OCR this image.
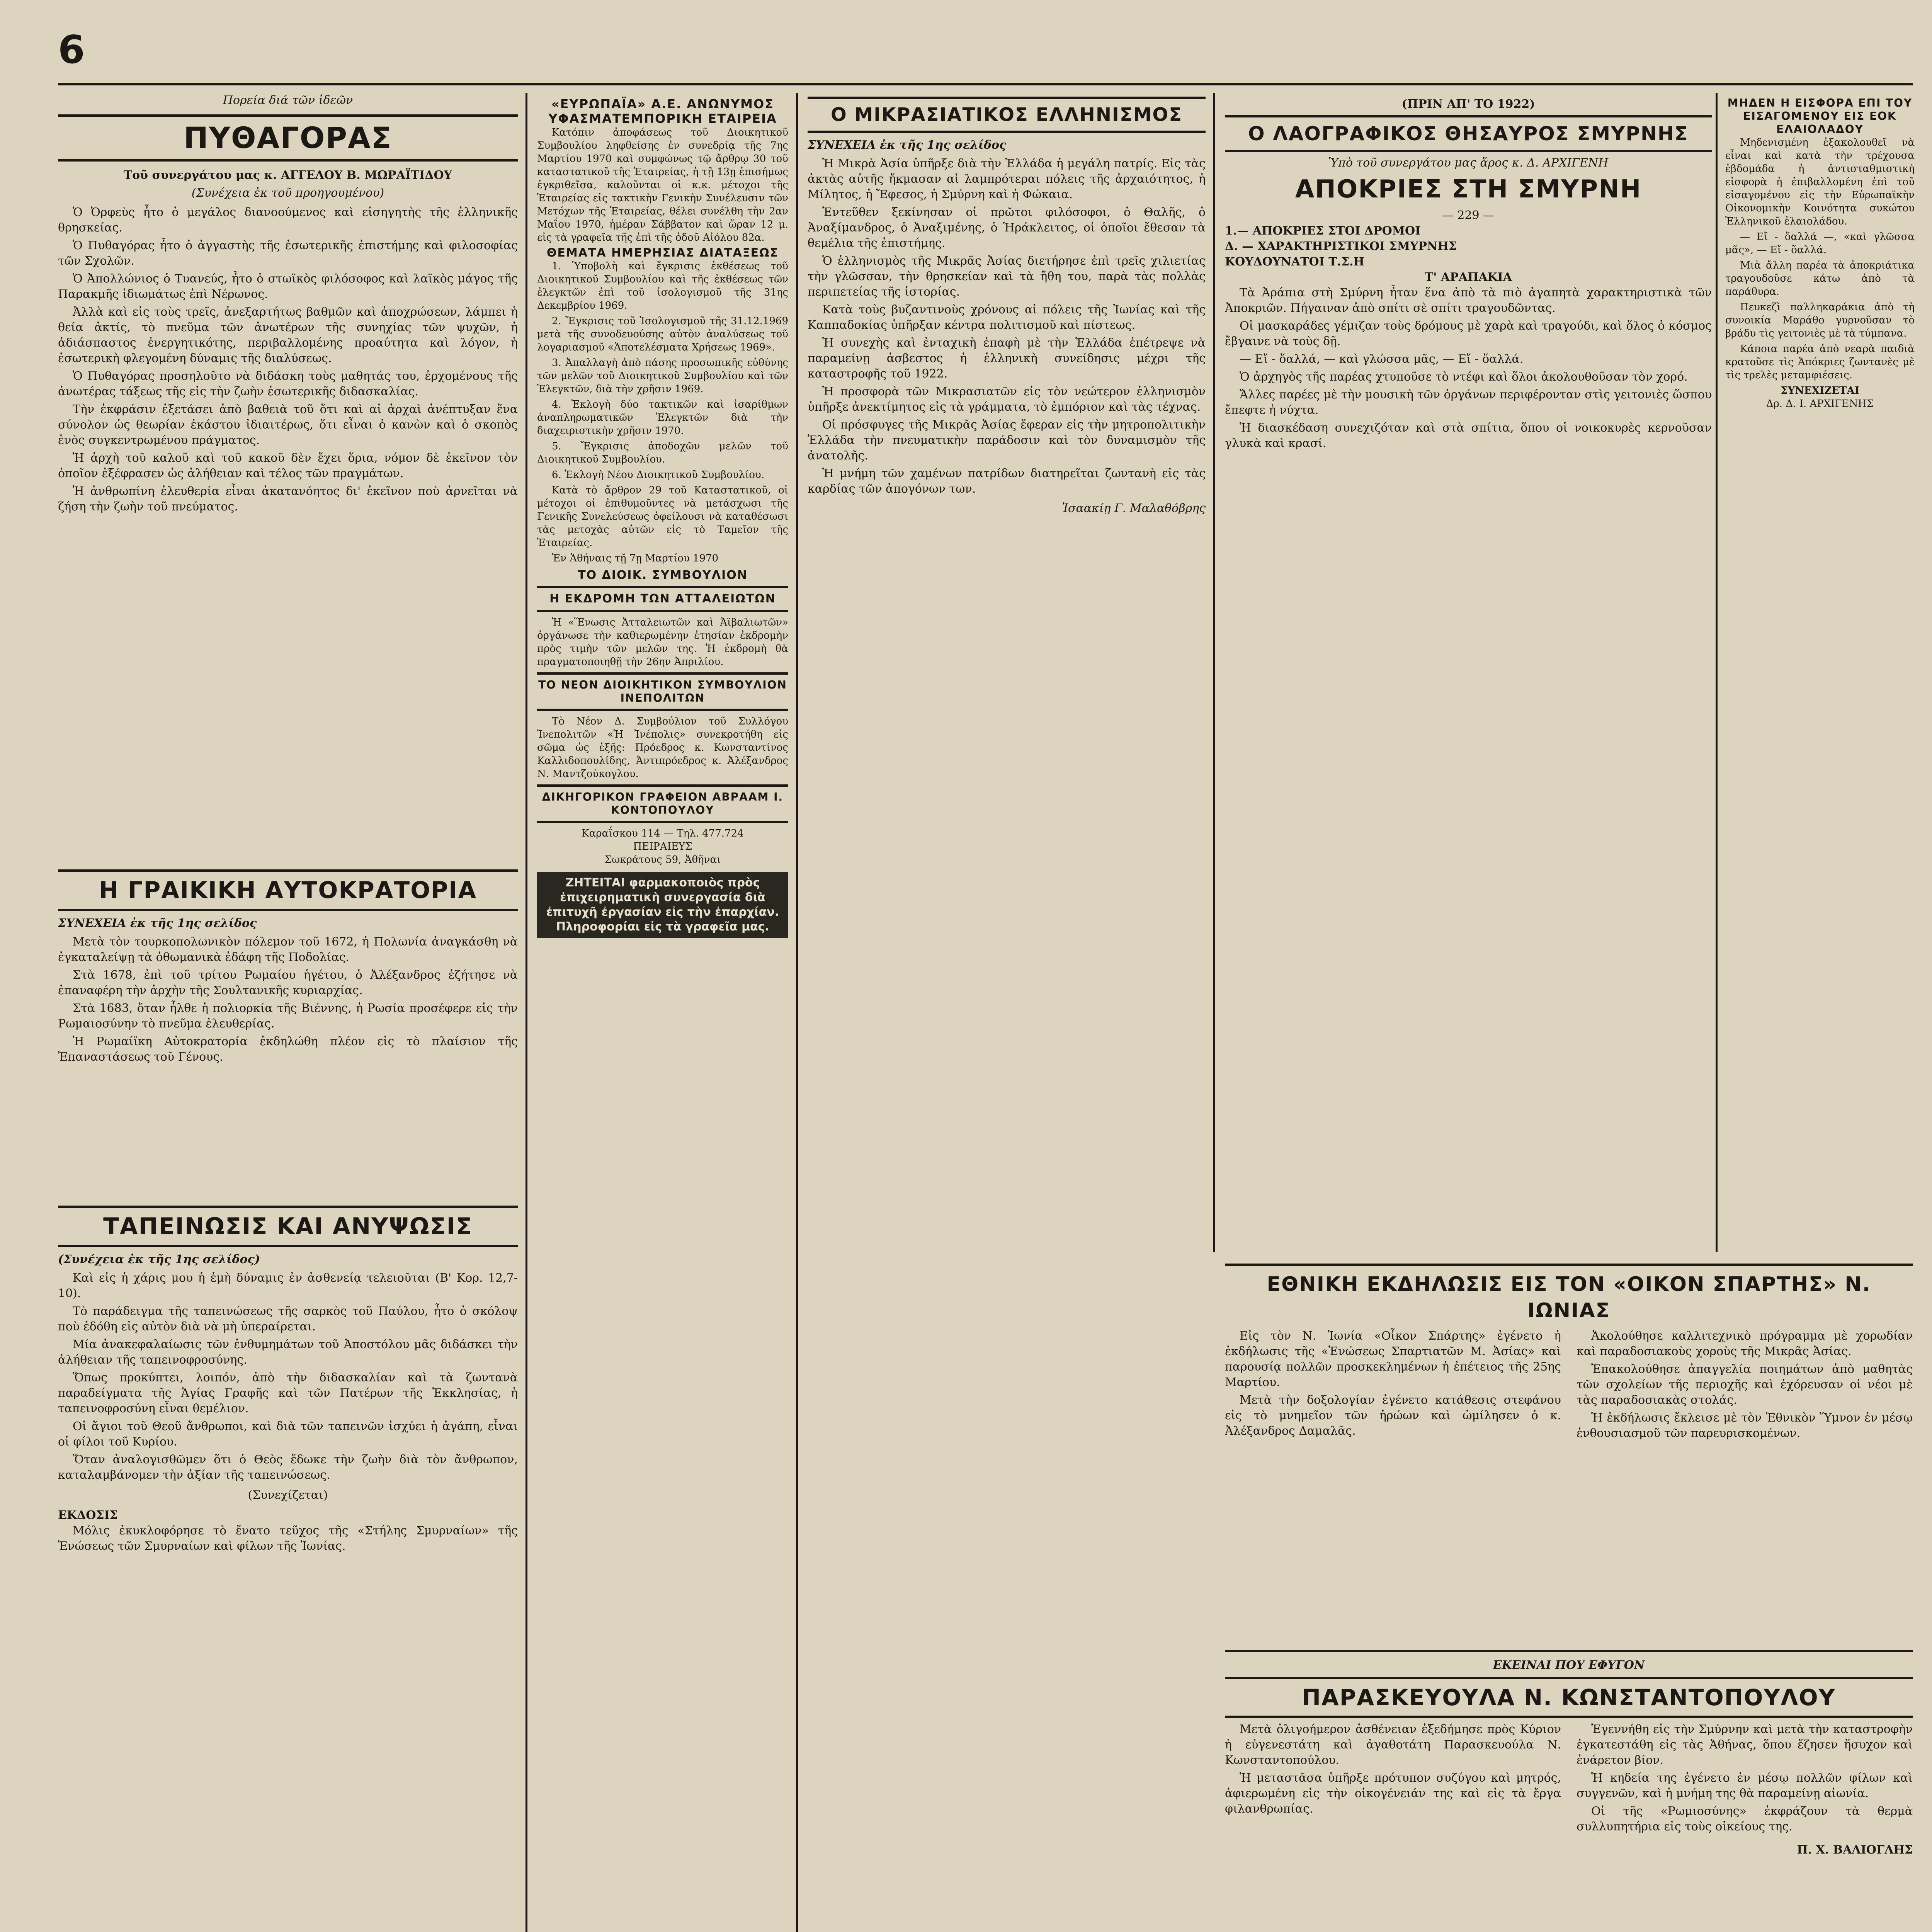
6
Πορεία διά τῶν ἰδεῶν
ΠΥΘΑΓΟΡΑΣ
Τοῦ συνεργάτου μας κ. ΑΓΓΕΛΟΥ Β. ΜΩΡΑΪΤΙΔΟΥ
(Συνέχεια ἐκ τοῦ προηγουμένου)

Ὁ Ὀρφεὺς ἦτο ὁ μεγάλος διανοούμενος καὶ εἰσηγητὴς τῆς ἑλληνικῆς θρησκείας.

Ὁ Πυθαγόρας ἦτο ὁ ἀγγαστὴς τῆς ἐσωτερικῆς ἐπιστήμης καὶ φιλοσοφίας τῶν Σχολῶν.

Ὁ Ἀπολλώνιος ὁ Τυανεύς, ἦτο ὁ στωϊκὸς φιλόσοφος καὶ λαϊκὸς μάγος τῆς Παρακμῆς ἰδιωμάτως ἐπὶ Νέρωνος.

Ἀλλὰ καὶ εἰς τοὺς τρεῖς, ἀνεξαρτήτως βαθμῶν καὶ ἀποχρώσεων, λάμπει ἡ θεία ἀκτίς, τὸ πνεῦμα τῶν ἀνωτέρων τῆς συνηχίας τῶν ψυχῶν, ἡ ἀδιάσπαστος ἐνεργητικότης, περιβαλλομένης προαύτητα καὶ λόγον, ἡ ἐσωτερικὴ φλεγομένη δύναμις τῆς διαλύσεως.

Ὁ Πυθαγόρας προσηλοῦτο νὰ διδάσκη τοὺς μαθητάς του, ἐρχομένους τῆς ἀνωτέρας τάξεως τῆς εἰς τὴν ζωὴν ἐσωτερικῆς διδασκαλίας.

Τὴν ἐκφράσιν ἐξετάσει ἀπὸ βαθειὰ τοῦ ὅτι καὶ αἱ ἀρχαὶ ἀνέπτυξαν ἕνα σύνολον ὡς θεωρίαν ἐκάστου ἰδιαιτέρως, ὅτι εἶναι ὁ κανὼν καὶ ὁ σκοπὸς ἑνὸς συγκεντρωμένου πράγματος.

Ἡ ἀρχὴ τοῦ καλοῦ καὶ τοῦ κακοῦ δὲν ἔχει ὅρια, νόμον δὲ ἐκεῖνον τὸν ὁποῖον ἐξέφρασεν ὡς ἀλήθειαν καὶ τέλος τῶν πραγμάτων.

Ἡ ἀνθρωπίνη ἐλευθερία εἶναι ἀκατανόητος δι' ἐκεῖνον ποὺ ἀρνεῖται νὰ ζήση τὴν ζωὴν τοῦ πνεύματος.

Η ΓΡΑΙΚΙΚΗ ΑΥΤΟΚΡΑΤΟΡΙΑ
ΣΥΝΕΧΕΙΑ ἐκ τῆς 1ης σελίδος

Μετὰ τὸν τουρκοπολωνικὸν πόλεμον τοῦ 1672, ἡ Πολωνία ἀναγκάσθη νὰ ἐγκαταλείψῃ τὰ ὀθωμανικὰ ἐδάφη τῆς Ποδολίας.

Στὰ 1678, ἐπὶ τοῦ τρίτου Ρωμαίου ἡγέτου, ὁ Ἀλέξανδρος ἐζήτησε νὰ ἐπαναφέρη τὴν ἀρχὴν τῆς Σουλτανικῆς κυριαρχίας.

Στὰ 1683, ὅταν ἦλθε ἡ πολιορκία τῆς Βιέννης, ἡ Ρωσία προσέφερε εἰς τὴν Ρωμαιοσύνην τὸ πνεῦμα ἐλευθερίας.

Ἡ Ρωμαίϊκη Αὐτοκρατορία ἐκδηλώθη πλέον εἰς τὸ πλαίσιον τῆς Ἐπαναστάσεως τοῦ Γένους.

ΤΑΠΕΙΝΩΣΙΣ ΚΑΙ ΑΝΥΨΩΣΙΣ
(Συνέχεια ἐκ τῆς 1ης σελίδος)

Καὶ εἰς ἡ χάρις μου ἡ ἐμὴ δύναμις ἐν ἀσθενείᾳ τελειοῦται (Β' Κορ. 12,7-10).

Τὸ παράδειγμα τῆς ταπεινώσεως τῆς σαρκὸς τοῦ Παύλου, ἦτο ὁ σκόλοψ ποὺ ἐδόθη εἰς αὐτὸν διὰ νὰ μὴ ὑπεραίρεται.

Μία ἀνακεφαλαίωσις τῶν ἐνθυμημάτων τοῦ Ἀποστόλου μᾶς διδάσκει τὴν ἀλήθειαν τῆς ταπεινοφροσύνης.

Ὅπως προκύπτει, λοιπόν, ἀπὸ τὴν διδασκαλίαν καὶ τὰ ζωντανὰ παραδείγματα τῆς Ἁγίας Γραφῆς καὶ τῶν Πατέρων τῆς Ἐκκλησίας, ἡ ταπεινοφροσύνη εἶναι θεμέλιον.

Οἱ ἅγιοι τοῦ Θεοῦ ἄνθρωποι, καὶ διὰ τῶν ταπεινῶν ἰσχύει ἡ ἀγάπη, εἶναι οἱ φίλοι τοῦ Κυρίου.

Ὅταν ἀναλογισθῶμεν ὅτι ὁ Θεὸς ἔδωκε τὴν ζωὴν διὰ τὸν ἄνθρωπον, καταλαμβάνομεν τὴν ἀξίαν τῆς ταπεινώσεως.

(Συνεχίζεται)
ΕΚΔΟΣΙΣ

Μόλις ἐκυκλοφόρησε τὸ ἔνατο τεῦχος τῆς «Στήλης Σμυρναίων» τῆς Ἑνώσεως τῶν Σμυρναίων καὶ φίλων τῆς Ἰωνίας.

«ΕΥΡΩΠΑΪΑ» Α.Ε. ΑΝΩΝΥΜΟΣ ΥΦΑΣΜΑΤΕΜΠΟΡΙΚΗ ΕΤΑΙΡΕΙΑ

Κατόπιν ἀποφάσεως τοῦ Διοικητικοῦ Συμβουλίου ληφθείσης ἐν συνεδρίᾳ τῆς 7ης Μαρτίου 1970 καὶ συμφώνως τῷ ἄρθρῳ 30 τοῦ καταστατικοῦ τῆς Ἑταιρείας, ἡ τῇ 13ῃ ἐπισήμως ἐγκριθεῖσα, καλοῦνται οἱ κ.κ. μέτοχοι τῆς Ἑταιρείας εἰς τακτικὴν Γενικὴν Συνέλευσιν τῶν Μετόχων τῆς Ἑταιρείας, θέλει συνέλθη τὴν 2αν Μαΐου 1970, ἡμέραν Σάββατον καὶ ὥραν 12 μ. εἰς τὰ γραφεῖα τῆς ἐπὶ τῆς ὁδοῦ Αἰόλου 82α.

ΘΕΜΑΤΑ ΗΜΕΡΗΣΙΑΣ ΔΙΑΤΑΞΕΩΣ

1. Ὑποβολὴ καὶ ἔγκρισις ἐκθέσεως τοῦ Διοικητικοῦ Συμβουλίου καὶ τῆς ἐκθέσεως τῶν ἐλεγκτῶν ἐπὶ τοῦ ἰσολογισμοῦ τῆς 31ης Δεκεμβρίου 1969.

2. Ἔγκρισις τοῦ Ἰσολογισμοῦ τῆς 31.12.1969 μετὰ τῆς συνοδευούσης αὐτὸν ἀναλύσεως τοῦ λογαριασμοῦ «Ἀποτελέσματα Χρήσεως 1969».

3. Ἀπαλλαγὴ ἀπὸ πάσης προσωπικῆς εὐθύνης τῶν μελῶν τοῦ Διοικητικοῦ Συμβουλίου καὶ τῶν Ἐλεγκτῶν, διὰ τὴν χρῆσιν 1969.

4. Ἐκλογὴ δύο τακτικῶν καὶ ἰσαρίθμων ἀναπληρωματικῶν Ἐλεγκτῶν διὰ τὴν διαχειριστικὴν χρῆσιν 1970.

5. Ἔγκρισις ἀποδοχῶν μελῶν τοῦ Διοικητικοῦ Συμβουλίου.

6. Ἐκλογὴ Νέου Διοικητικοῦ Συμβουλίου.

Κατὰ τὸ ἄρθρον 29 τοῦ Καταστατικοῦ, οἱ μέτοχοι οἱ ἐπιθυμοῦντες νὰ μετάσχωσι τῆς Γενικῆς Συνελεύσεως ὀφείλουσι νὰ καταθέσωσι τὰς μετοχὰς αὐτῶν εἰς τὸ Ταμεῖον τῆς Ἑταιρείας.

Ἐν Ἀθήναις τῇ 7ῃ Μαρτίου 1970

ΤΟ ΔΙΟΙΚ. ΣΥΜΒΟΥΛΙΟΝ
Η ΕΚΔΡΟΜΗ ΤΩΝ ΑΤΤΑΛΕΙΩΤΩΝ

Ἡ «Ἕνωσις Ἀτταλειωτῶν καὶ Ἀϊβαλιωτῶν» ὀργάνωσε τὴν καθιερωμένην ἐτησίαν ἐκδρομὴν πρὸς τιμὴν τῶν μελῶν της. Ἡ ἐκδρομὴ θὰ πραγματοποιηθῇ τὴν 26ην Ἀπριλίου.

ΤΟ ΝΕΟΝ ΔΙΟΙΚΗΤΙΚΟΝ ΣΥΜΒΟΥΛΙΟΝ ΙΝΕΠΟΛΙΤΩΝ

Τὸ Νέον Δ. Συμβούλιον τοῦ Συλλόγου Ἰνεπολιτῶν «Ἡ Ἰνέπολις» συνεκροτήθη εἰς σῶμα ὡς ἑξῆς: Πρόεδρος κ. Κωνσταντίνος Καλλιδοπουλίδης, Ἀντιπρόεδρος κ. Ἀλέξανδρος Ν. Μαντζούκογλου.

ΔΙΚΗΓΟΡΙΚΟΝ ΓΡΑΦΕΙΟΝ ΑΒΡΑΑΜ Ι. ΚΟΝΤΟΠΟΥΛΟΥ
Καραΐσκου 114 — Τηλ. 477.724
ΠΕΙΡΑΙΕΥΣ
Σωκράτους 59, Ἀθῆναι
ΖΗΤΕΙΤΑΙ φαρμακοποιὸς πρὸς ἐπιχειρηματικὴ συνεργασία διὰ ἐπιτυχῆ ἐργασίαν εἰς τὴν ἐπαρχίαν. Πληροφορίαι εἰς τὰ γραφεῖα μας.
Ο ΜΙΚΡΑΣΙΑΤΙΚΟΣ ΕΛΛΗΝΙΣΜΟΣ
ΣΥΝΕΧΕΙΑ ἐκ τῆς 1ης σελίδος

Ἡ Μικρὰ Ἀσία ὑπῆρξε διὰ τὴν Ἑλλάδα ἡ μεγάλη πατρίς. Εἰς τὰς ἀκτὰς αὐτῆς ἤκμασαν αἱ λαμπρότεραι πόλεις τῆς ἀρχαιότητος, ἡ Μίλητος, ἡ Ἔφεσος, ἡ Σμύρνη καὶ ἡ Φώκαια.

Ἐντεῦθεν ξεκίνησαν οἱ πρῶτοι φιλόσοφοι, ὁ Θαλῆς, ὁ Ἀναξίμανδρος, ὁ Ἀναξιμένης, ὁ Ἡράκλειτος, οἱ ὁποῖοι ἔθεσαν τὰ θεμέλια τῆς ἐπιστήμης.

Ὁ ἑλληνισμὸς τῆς Μικρᾶς Ἀσίας διετήρησε ἐπὶ τρεῖς χιλιετίας τὴν γλῶσσαν, τὴν θρησκείαν καὶ τὰ ἤθη του, παρὰ τὰς πολλὰς περιπετείας τῆς ἱστορίας.

Κατὰ τοὺς βυζαντινοὺς χρόνους αἱ πόλεις τῆς Ἰωνίας καὶ τῆς Καππαδοκίας ὑπῆρξαν κέντρα πολιτισμοῦ καὶ πίστεως.

Ἡ συνεχὴς καὶ ἐνταχικὴ ἐπαφὴ μὲ τὴν Ἑλλάδα ἐπέτρεψε νὰ παραμείνῃ ἀσβεστος ἡ ἑλληνικὴ συνείδησις μέχρι τῆς καταστροφῆς τοῦ 1922.

Ἡ προσφορὰ τῶν Μικρασιατῶν εἰς τὸν νεώτερον ἑλληνισμὸν ὑπῆρξε ἀνεκτίμητος εἰς τὰ γράμματα, τὸ ἐμπόριον καὶ τὰς τέχνας.

Οἱ πρόσφυγες τῆς Μικρᾶς Ἀσίας ἔφεραν εἰς τὴν μητροπολιτικὴν Ἑλλάδα τὴν πνευματικὴν παράδοσιν καὶ τὸν δυναμισμὸν τῆς ἀνατολῆς.

Ἡ μνήμη τῶν χαμένων πατρίδων διατηρεῖται ζωντανὴ εἰς τὰς καρδίας τῶν ἀπογόνων των.

Ἰσαακίῃ Γ. Μαλαθόβρης
(ΠΡΙΝ ΑΠ' ΤΟ 1922)
Ο ΛΑΟΓΡΑΦΙΚΟΣ ΘΗΣΑΥΡΟΣ ΣΜΥΡΝΗΣ
Ὑπὸ τοῦ συνεργάτου μας ἄρος κ. Δ. ΑΡΧΙΓΕΝΗ
ΑΠΟΚΡΙΕΣ ΣΤΗ ΣΜΥΡΝΗ
— 229 —
1.— ΑΠΟΚΡΙΕΣ ΣΤΟΙ ΔΡΟΜΟΙ
Δ. — ΧΑΡΑΚΤΗΡΙΣΤΙΚΟΙ ΣΜΥΡΝΗΣ
ΚΟΥΔΟΥΝΑΤΟΙ Τ.Σ.Η
Τ' ΑΡΑΠΑΚΙΑ

Τὰ Ἀράπια στὴ Σμύρνη ἦταν ἕνα ἀπὸ τὰ πιὸ ἀγαπητὰ χαρακτηριστικὰ τῶν Ἀποκριῶν. Πήγαιναν ἀπὸ σπίτι σὲ σπίτι τραγουδῶντας.

Οἱ μασκαράδες γέμιζαν τοὺς δρόμους μὲ χαρὰ καὶ τραγούδι, καὶ ὅλος ὁ κόσμος ἔβγαινε νὰ τοὺς δῇ.

— Εἴ - ὅαλλά, — καὶ γλώσσα μᾶς, — Εἴ - ὅαλλά.

Ὁ ἀρχηγὸς τῆς παρέας χτυποῦσε τὸ ντέφι καὶ ὅλοι ἀκολουθοῦσαν τὸν χορό.

Ἄλλες παρέες μὲ τὴν μουσικὴ τῶν ὀργάνων περιφέρονταν στὶς γειτονιὲς ὥσπου ἔπεφτε ἡ νύχτα.

Ἡ διασκέδαση συνεχιζόταν καὶ στὰ σπίτια, ὅπου οἱ νοικοκυρὲς κερνοῦσαν γλυκὰ καὶ κρασί.

ΜΗΔΕΝ Η ΕΙΣΦΟΡΑ ΕΠΙ ΤΟΥ ΕΙΣΑΓΟΜΕΝΟΥ ΕΙΣ ΕΟΚ ΕΛΑΙΟΛΑΔΟΥ

Μηδενισμένη ἐξακολουθεῖ νὰ εἶναι καὶ κατὰ τὴν τρέχουσα ἑβδομάδα ἡ ἀντισταθμιστικὴ εἰσφορὰ ἡ ἐπιβαλλομένη ἐπὶ τοῦ εἰσαγομένου εἰς τὴν Εὐρωπαϊκὴν Οἰκονομικὴν Κοινότητα συκώτου Ἑλληνικοῦ ἐλαιολάδου.

— Εἴ - ὅαλλά —, «καὶ γλῶσσα μᾶς», — Εἴ - ὅαλλά.

Μιὰ ἄλλη παρέα τὰ ἀποκριάτικα τραγουδοῦσε κάτω ἀπὸ τὰ παράθυρα.

Πευκεζὶ παλληκαράκια ἀπὸ τὴ συνοικία Μαράθο γυρνοῦσαν τὸ βράδυ τὶς γειτονιὲς μὲ τὰ τύμπανα.

Κάποια παρέα ἀπὸ νεαρὰ παιδιὰ κρατοῦσε τὶς Ἀπόκριες ζωντανὲς μὲ τὶς τρελὲς μεταμφιέσεις.

ΣΥΝΕΧΙΖΕΤΑΙ
Δρ. Δ. Ι. ΑΡΧΙΓΕΝΗΣ
ΕΘΝΙΚΗ ΕΚΔΗΛΩΣΙΣ ΕΙΣ ΤΟΝ «ΟΙΚΟΝ ΣΠΑΡΤΗΣ» Ν. ΙΩΝΙΑΣ

Εἰς τὸν Ν. Ἰωνία «Οἶκον Σπάρτης» ἐγένετο ἡ ἐκδήλωσις τῆς «Ἑνώσεως Σπαρτιατῶν Μ. Ἀσίας» καὶ παρουσίᾳ πολλῶν προσκεκλημένων ἡ ἐπέτειος τῆς 25ης Μαρτίου.

Μετὰ τὴν δοξολογίαν ἐγένετο κατάθεσις στεφάνου εἰς τὸ μνημεῖον τῶν ἡρώων καὶ ὡμίλησεν ὁ κ. Ἀλέξανδρος Δαμαλᾶς.

Ἀκολούθησε καλλιτεχνικὸ πρόγραμμα μὲ χορωδίαν καὶ παραδοσιακοὺς χοροὺς τῆς Μικρᾶς Ἀσίας.

Ἐπακολούθησε ἀπαγγελία ποιημάτων ἀπὸ μαθητὰς τῶν σχολείων τῆς περιοχῆς καὶ ἐχόρευσαν οἱ νέοι μὲ τὰς παραδοσιακὰς στολάς.

Ἡ ἐκδήλωσις ἔκλεισε μὲ τὸν Ἐθνικὸν Ὕμνον ἐν μέσῳ ἐνθουσιασμοῦ τῶν παρευρισκομένων.

ΕΚΕΙΝΑΙ ΠΟΥ ΕΦΥΓΟΝ
ΠΑΡΑΣΚΕΥΟΥΛΑ Ν. ΚΩΝΣΤΑΝΤΟΠΟΥΛΟΥ

Μετὰ ὀλιγοήμερον ἀσθένειαν ἐξεδήμησε πρὸς Κύριον ἡ εὐγενεστάτη καὶ ἀγαθοτάτη Παρασκευούλα Ν. Κωνσταντοπούλου.

Ἡ μεταστᾶσα ὑπῆρξε πρότυπον συζύγου καὶ μητρός, ἀφιερωμένη εἰς τὴν οἰκογένειάν της καὶ εἰς τὰ ἔργα φιλανθρωπίας.

Ἐγεννήθη εἰς τὴν Σμύρνην καὶ μετὰ τὴν καταστροφὴν ἐγκατεστάθη εἰς τὰς Ἀθήνας, ὅπου ἔζησεν ἥσυχον καὶ ἐνάρετον βίον.

Ἡ κηδεία της ἐγένετο ἐν μέσῳ πολλῶν φίλων καὶ συγγενῶν, καὶ ἡ μνήμη της θὰ παραμείνῃ αἰωνία.

Οἱ τῆς «Ρωμιοσύνης» ἐκφράζουν τὰ θερμὰ συλλυπητήρια εἰς τοὺς οἰκείους της.

Π. Χ. ΒΑΛΙΟΓΛΗΣ
